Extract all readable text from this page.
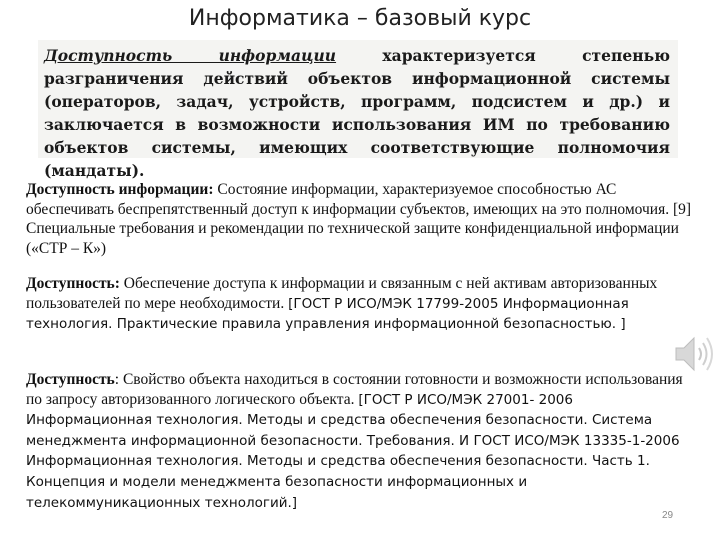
Информатика – базовый курс

Доступность информации характеризуется степенью разграничения действий объектов информационной системы (операторов, задач, устройств, программ, подсистем и др.) и заключается в возможности использования ИМ по требованию объектов системы, имеющих соответствующие полномочия (мандаты).

Доступность информации: Состояние информации, характеризуемое способностью АС обеспечивать беспрепятственный доступ к информации субъектов, имеющих на это полномочия. [9] Специальные требования и рекомендации по технической защите конфиденциальной информации («СТР – К»)
Доступность: Обеспечение доступа к информации и связанным с ней активам авторизованных пользователей по мере необходимости. [ГОСТ Р ИСО/МЭК 17799-2005 Информационная технология. Практические правила управления информационной безопасностью. ]
Доступность: Свойство объекта находиться в состоянии готовности и возможности использования по запросу авторизованного логического объекта. [ГОСТ Р ИСО/МЭК 27001- 2006 Информационная технология. Методы и средства обеспечения безопасности. Система менеджмента информационной безопасности. Требования. И ГОСТ ИСО/МЭК 13335-1-2006 Информационная технология. Методы и средства обеспечения безопасности. Часть 1. Концепция и модели менеджмента безопасности информационных и телекоммуникационных технологий.]
29
